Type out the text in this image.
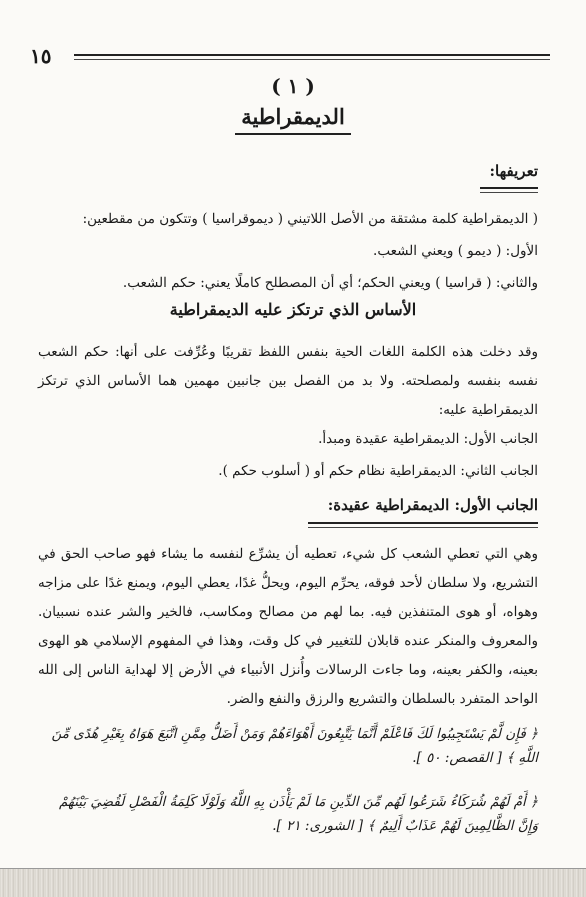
١٥
( ١ )
الديمقراطية
تعريفها:
( الديمقراطية كلمة مشتقة من الأصل اللاتيني ( ديموقراسيا ) وتتكون من مقطعين:
الأول: ( ديمو ) ويعني الشعب.
والثاني: ( قراسيا ) ويعني الحكم؛ أي أن المصطلح كاملًا يعني: حكم الشعب.
الأساس الذي ترتكز عليه الديمقراطية
وقد دخلت هذه الكلمة اللغات الحية بنفس اللفظ تقريبًا وعُرِّفت على أنها: حكم الشعب نفسه بنفسه ولمصلحته. ولا بد من الفصل بين جانبين مهمين هما الأساس الذي ترتكز الديمقراطية عليه:
الجانب الأول: الديمقراطية عقيدة ومبدأ.
الجانب الثاني: الديمقراطية نظام حكم أو ( أسلوب حكم ).
الجانب الأول: الديمقراطية عقيدة:
وهي التي تعطي الشعب كل شيء، تعطيه أن يشرِّع لنفسه ما يشاء فهو صاحب الحق في التشريع، ولا سلطان لأحد فوقه، يحرِّم اليوم، ويحلُّ غدًا، يعطي اليوم، ويمنع غدًا على مزاجه وهواه، أو هوى المتنفذين فيه. بما لهم من مصالح ومكاسب، فالخير والشر عنده نسبيان. والمعروف والمنكر عنده قابلان للتغيير في كل وقت، وهذا في المفهوم الإسلامي هو الهوى بعينه، والكفر بعينه، وما جاءت الرسالات وأُنزل الأنبياء في الأرض إلا لهداية الناس إلى الله الواحد المتفرد بالسلطان والتشريع والرزق والنفع والضر.
﴿ فَإِن لَّمْ يَسْتَجِيبُوا لَكَ فَاعْلَمْ أَنَّمَا يَتَّبِعُونَ أَهْوَاءَهُمْ وَمَنْ أَضَلُّ مِمَّنِ اتَّبَعَ هَوَاهُ بِغَيْرِ هُدًى مِّنَ اللَّهِ ﴾ [ القصص: ٥٠ ].
﴿ أَمْ لَهُمْ شُرَكَاءُ شَرَعُوا لَهُم مِّنَ الدِّينِ مَا لَمْ يَأْذَن بِهِ اللَّهُ وَلَوْلَا كَلِمَةُ الْفَصْلِ لَقُضِيَ بَيْنَهُمْ وَإِنَّ الظَّالِمِينَ لَهُمْ عَذَابٌ أَلِيمٌ ﴾ [ الشورى: ٢١ ].
